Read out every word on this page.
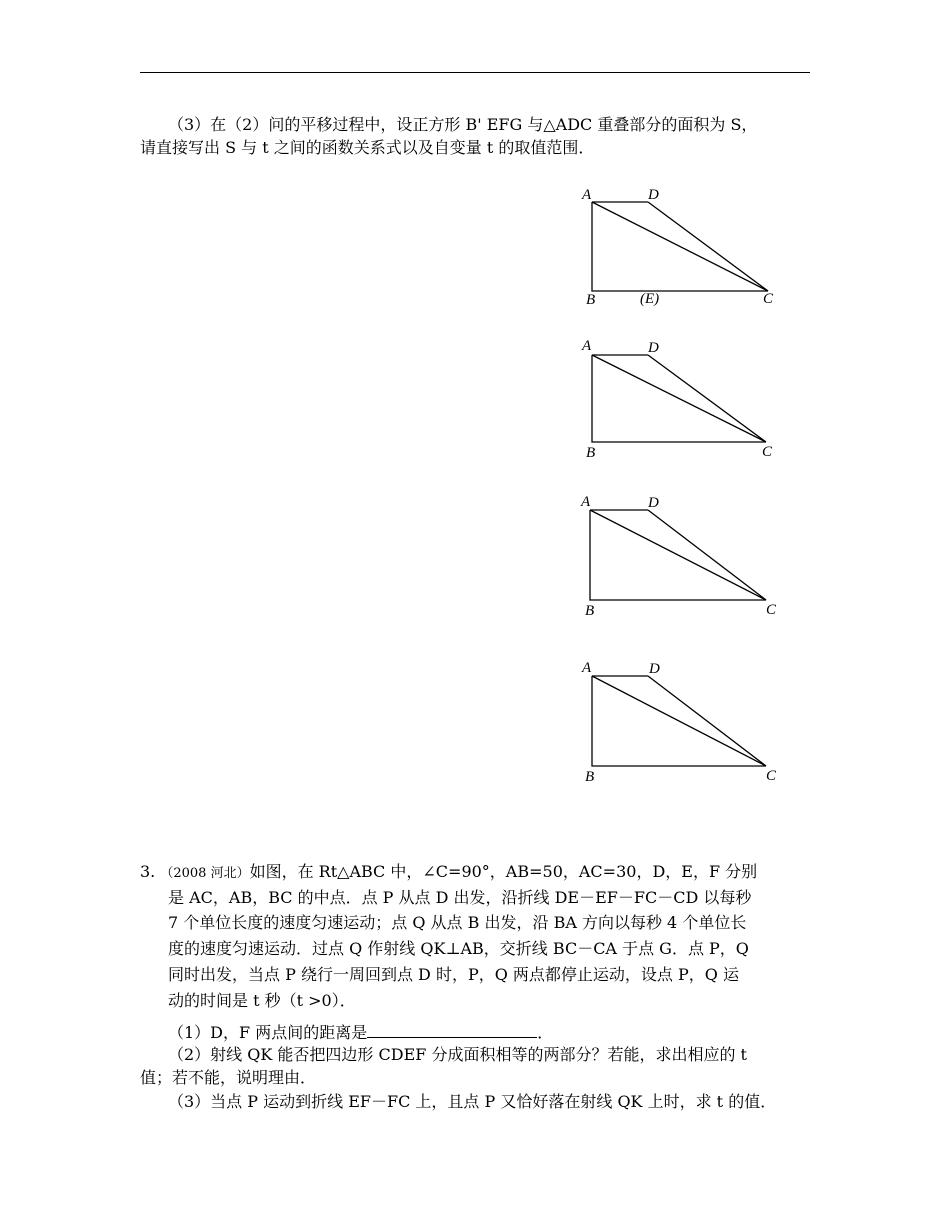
（3）在（2）问的平移过程中，设正方形 B' EFG 与△ADC 重叠部分的面积为 S，
请直接写出 S 与 t 之间的函数关系式以及自变量 t 的取值范围．
A	D
B	(E)	C
A	D
B	C
A	D
B	C
A	D
B	C
3. （2008 河北）如图，在 Rt△ABC 中，∠C=90°，AB=50，AC=30，D，E，F 分别
是 AC，AB，BC 的中点．点 P 从点 D 出发，沿折线 DE－EF－FC－CD 以每秒
7 个单位长度的速度匀速运动；点 Q 从点 B 出发，沿 BA 方向以每秒 4 个单位长
度的速度匀速运动．过点 Q 作射线 QK⊥AB，交折线 BC－CA 于点 G．点 P，Q
同时出发，当点 P 绕行一周回到点 D 时，P，Q 两点都停止运动，设点 P，Q 运
动的时间是 t 秒（t >0）．
（1）D，F 两点间的距离是	．
（2）射线 QK 能否把四边形 CDEF 分成面积相等的两部分？若能，求出相应的 t
值；若不能，说明理由．
（3）当点 P 运动到折线 EF－FC 上，且点 P 又恰好落在射线 QK 上时，求 t 的值．
